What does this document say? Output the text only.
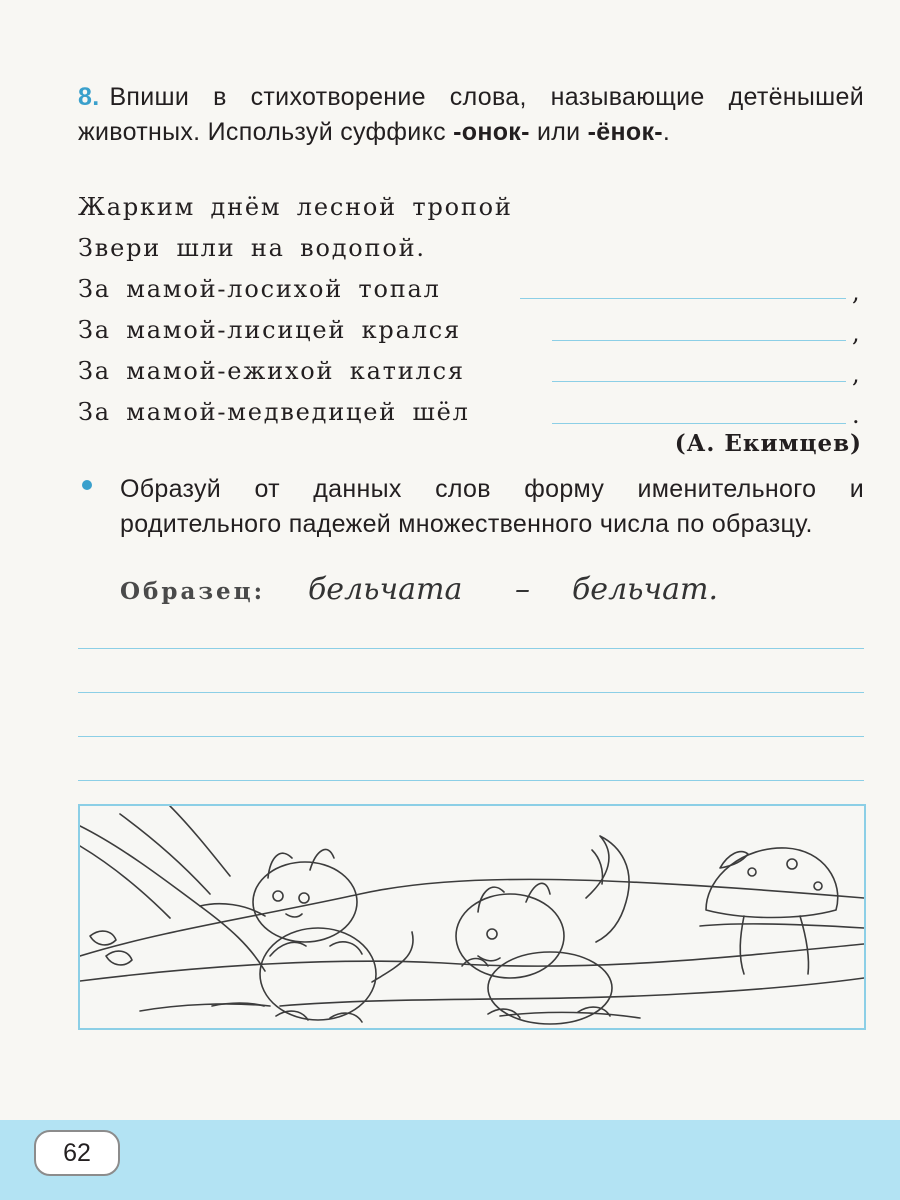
8. Впиши в стихотворение слова, называющие детёнышей животных. Используй суффикс -онок- или -ёнок-.
Жарким днём лесной тропой
Звери шли на водопой.
За мамой-лосихой топал
За мамой-лисицей крался
За мамой-ежихой катился
За мамой-медведицей шёл
,
,
,
.
(А. Екимцев)
Образуй от данных слов форму именительного и родительного падежей множественного числа по образцу.
Образец: бельчата – бельчат.
62
